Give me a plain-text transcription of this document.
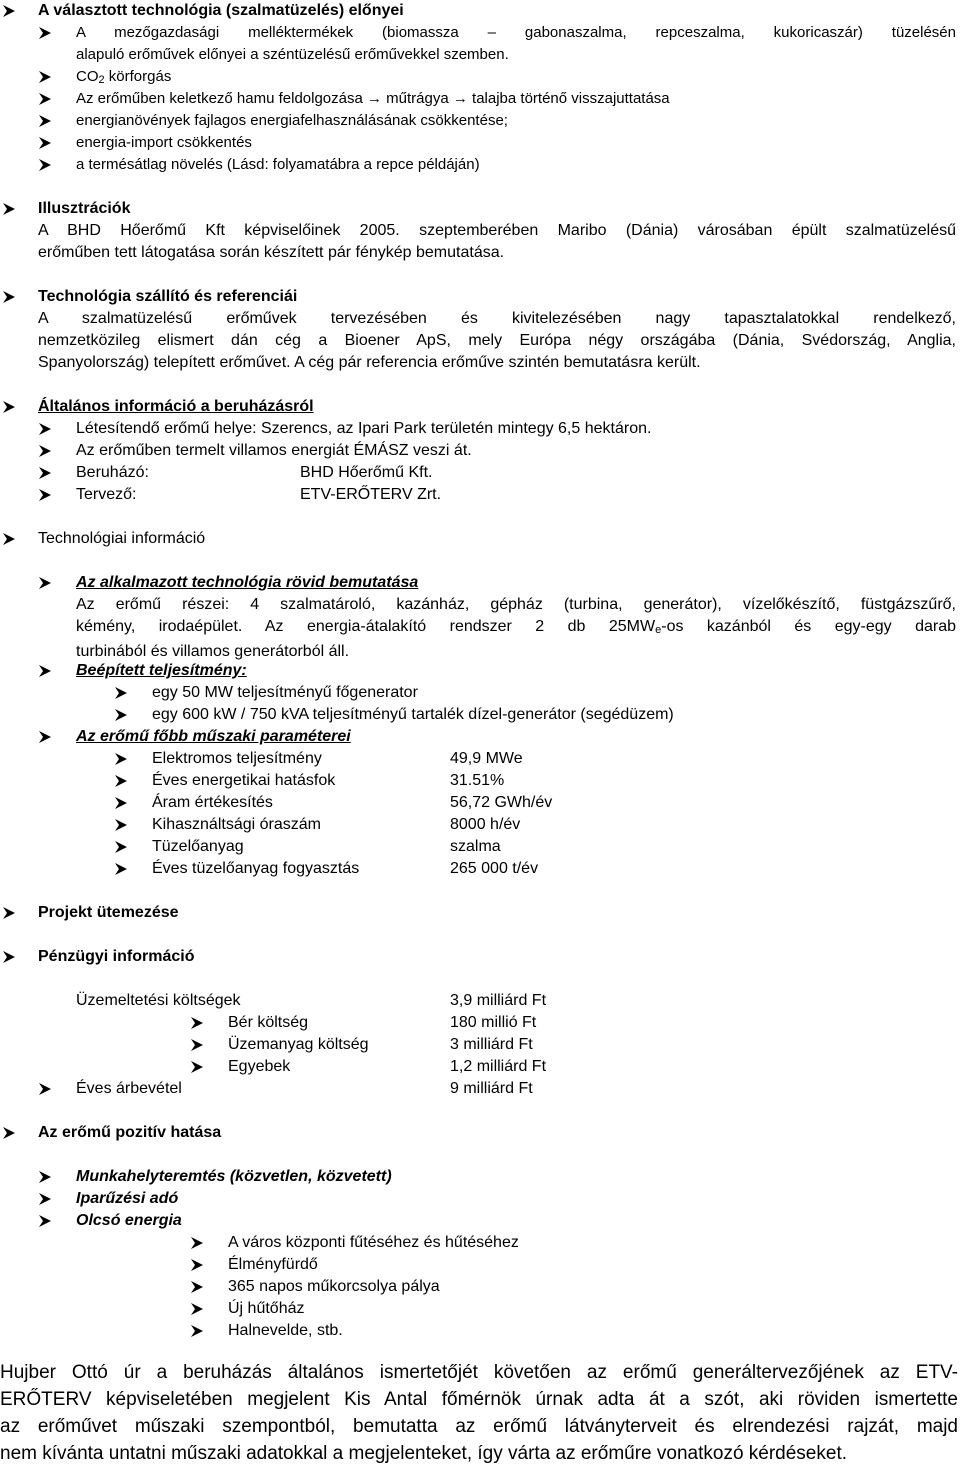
A választott technológia (szalmatüzelés) előnyei
A mezőgazdasági melléktermékek (biomassza – gabonaszalma, repceszalma, kukoricaszár) tüzelésén
alapuló erőművek előnyei a széntüzelésű erőművekkel szemben.
$CO_2$ körforgás
Az erőműben keletkező hamu feldolgozása → műtrágya → talajba történő visszajuttatása
energianövények fajlagos energiafelhasználásának csökkentése;
energia-import csökkentés
a termésátlag növelés (Lásd: folyamatábra a repce példáján)
Illusztrációk
A BHD Hőerőmű Kft képviselőinek 2005. szeptemberében Maribo (Dánia) városában épült szalmatüzelésű
erőműben tett látogatása során készített pár fénykép bemutatása.
Technológia szállító és referenciái
A szalmatüzelésű erőművek tervezésében és kivitelezésében nagy tapasztalatokkal rendelkező,
nemzetközileg elismert dán cég a Bioener ApS, mely Európa négy országába (Dánia, Svédország, Anglia,
Spanyolország) telepített erőművet. A cég pár referencia erőműve szintén bemutatásra került.
Általános információ a beruházásról
Létesítendő erőmű helye: Szerencs, az Ipari Park területén mintegy 6,5 hektáron.
Az erőműben termelt villamos energiát ÉMÁSZ veszi át.
Beruházó:	BHD Hőerőmű Kft.
Tervező:	ETV-ERŐTERV Zrt.
Technológiai információ
Az alkalmazott technológia rövid bemutatása
Az erőmű részei: 4 szalmatároló, kazánház, gépház (turbina, generátor), vízelőkészítő, füstgázszűrő,
kémény, irodaépület. Az energia-átalakító rendszer 2 db $25MW_e-os$ kazánból és egy-egy darab
turbinából és villamos generátorból áll.
Beépített teljesítmény:
egy 50 MW teljesítményű főgenerator
egy 600 kW / 750 kVA teljesítményű tartalék dízel-generátor (segédüzem)
Az erőmű főbb műszaki paraméterei
Elektromos teljesítmény	49,9 MWe
Éves energetikai hatásfok	31.51%
Áram értékesítés	56,72 GWh/év
Kihasználtsági óraszám	8000 h/év
Tüzelőanyag	szalma
Éves tüzelőanyag fogyasztás	265 000 t/év
Projekt ütemezése
Pénzügyi információ
Üzemeltetési költségek	3,9 milliárd Ft
Bér költség	180 millió Ft
Üzemanyag költség	3 milliárd Ft
Egyebek	1,2 milliárd Ft
Éves árbevétel	9 milliárd Ft
Az erőmű pozitív hatása
Munkahelyteremtés (közvetlen, közvetett)
Iparűzési adó
Olcsó energia
A város központi fűtéséhez és hűtéséhez
Élményfürdő
365 napos műkorcsolya pálya
Új hűtőház
Halnevelde, stb.
Hujber Ottó úr a beruházás általános ismertetőjét követően az erőmű generáltervezőjének az ETV-
ERŐTERV képviseletében megjelent Kis Antal főmérnök úrnak adta át a szót, aki röviden ismertette
az erőművet műszaki szempontból, bemutatta az erőmű látványterveit és elrendezési rajzát, majd
nem kívánta untatni műszaki adatokkal a megjelenteket, így várta az erőműre vonatkozó kérdéseket.
